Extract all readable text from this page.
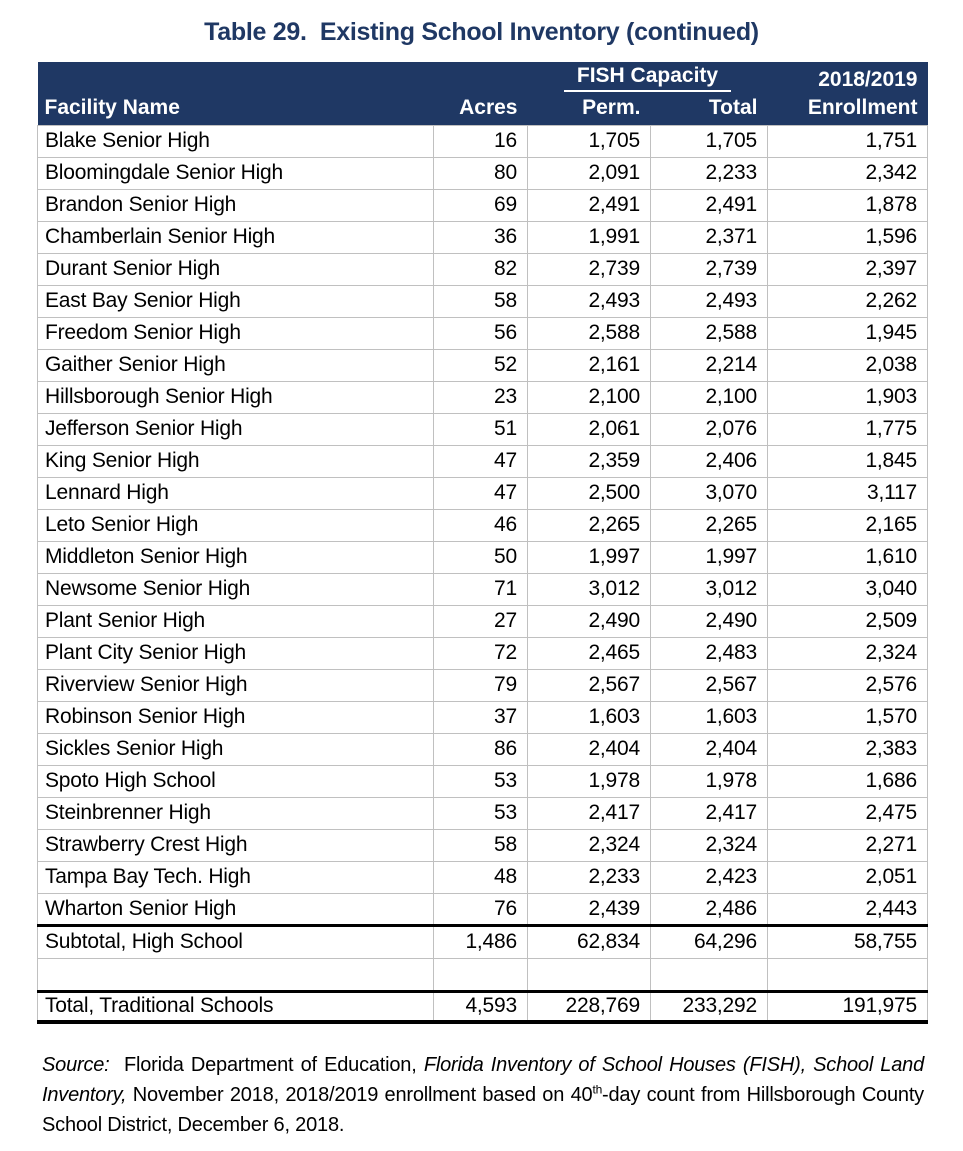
Table 29.  Existing School Inventory (continued)
		FISH Capacity		2018/2019
Facility Name	Acres	Perm.	Total	Enrollment
Blake Senior High	16	1,705	1,705	1,751
Bloomingdale Senior High	80	2,091	2,233	2,342
Brandon Senior High	69	2,491	2,491	1,878
Chamberlain Senior High	36	1,991	2,371	1,596
Durant Senior High	82	2,739	2,739	2,397
East Bay Senior High	58	2,493	2,493	2,262
Freedom Senior High	56	2,588	2,588	1,945
Gaither Senior High	52	2,161	2,214	2,038
Hillsborough Senior High	23	2,100	2,100	1,903
Jefferson Senior High	51	2,061	2,076	1,775
King Senior High	47	2,359	2,406	1,845
Lennard High	47	2,500	3,070	3,117
Leto Senior High	46	2,265	2,265	2,165
Middleton Senior High	50	1,997	1,997	1,610
Newsome Senior High	71	3,012	3,012	3,040
Plant Senior High	27	2,490	2,490	2,509
Plant City Senior High	72	2,465	2,483	2,324
Riverview Senior High	79	2,567	2,567	2,576
Robinson Senior High	37	1,603	1,603	1,570
Sickles Senior High	86	2,404	2,404	2,383
Spoto High School	53	1,978	1,978	1,686
Steinbrenner High	53	2,417	2,417	2,475
Strawberry Crest High	58	2,324	2,324	2,271
Tampa Bay Tech. High	48	2,233	2,423	2,051
Wharton Senior High	76	2,439	2,486	2,443
Subtotal, High School	1,486	62,834	64,296	58,755

Total, Traditional Schools	4,593	228,769	233,292	191,975

Source:  Florida Department of Education, Florida Inventory of School Houses (FISH), School Land Inventory, November 2018, 2018/2019 enrollment based on 40th-day count from Hillsborough County School District, December 6, 2018.
